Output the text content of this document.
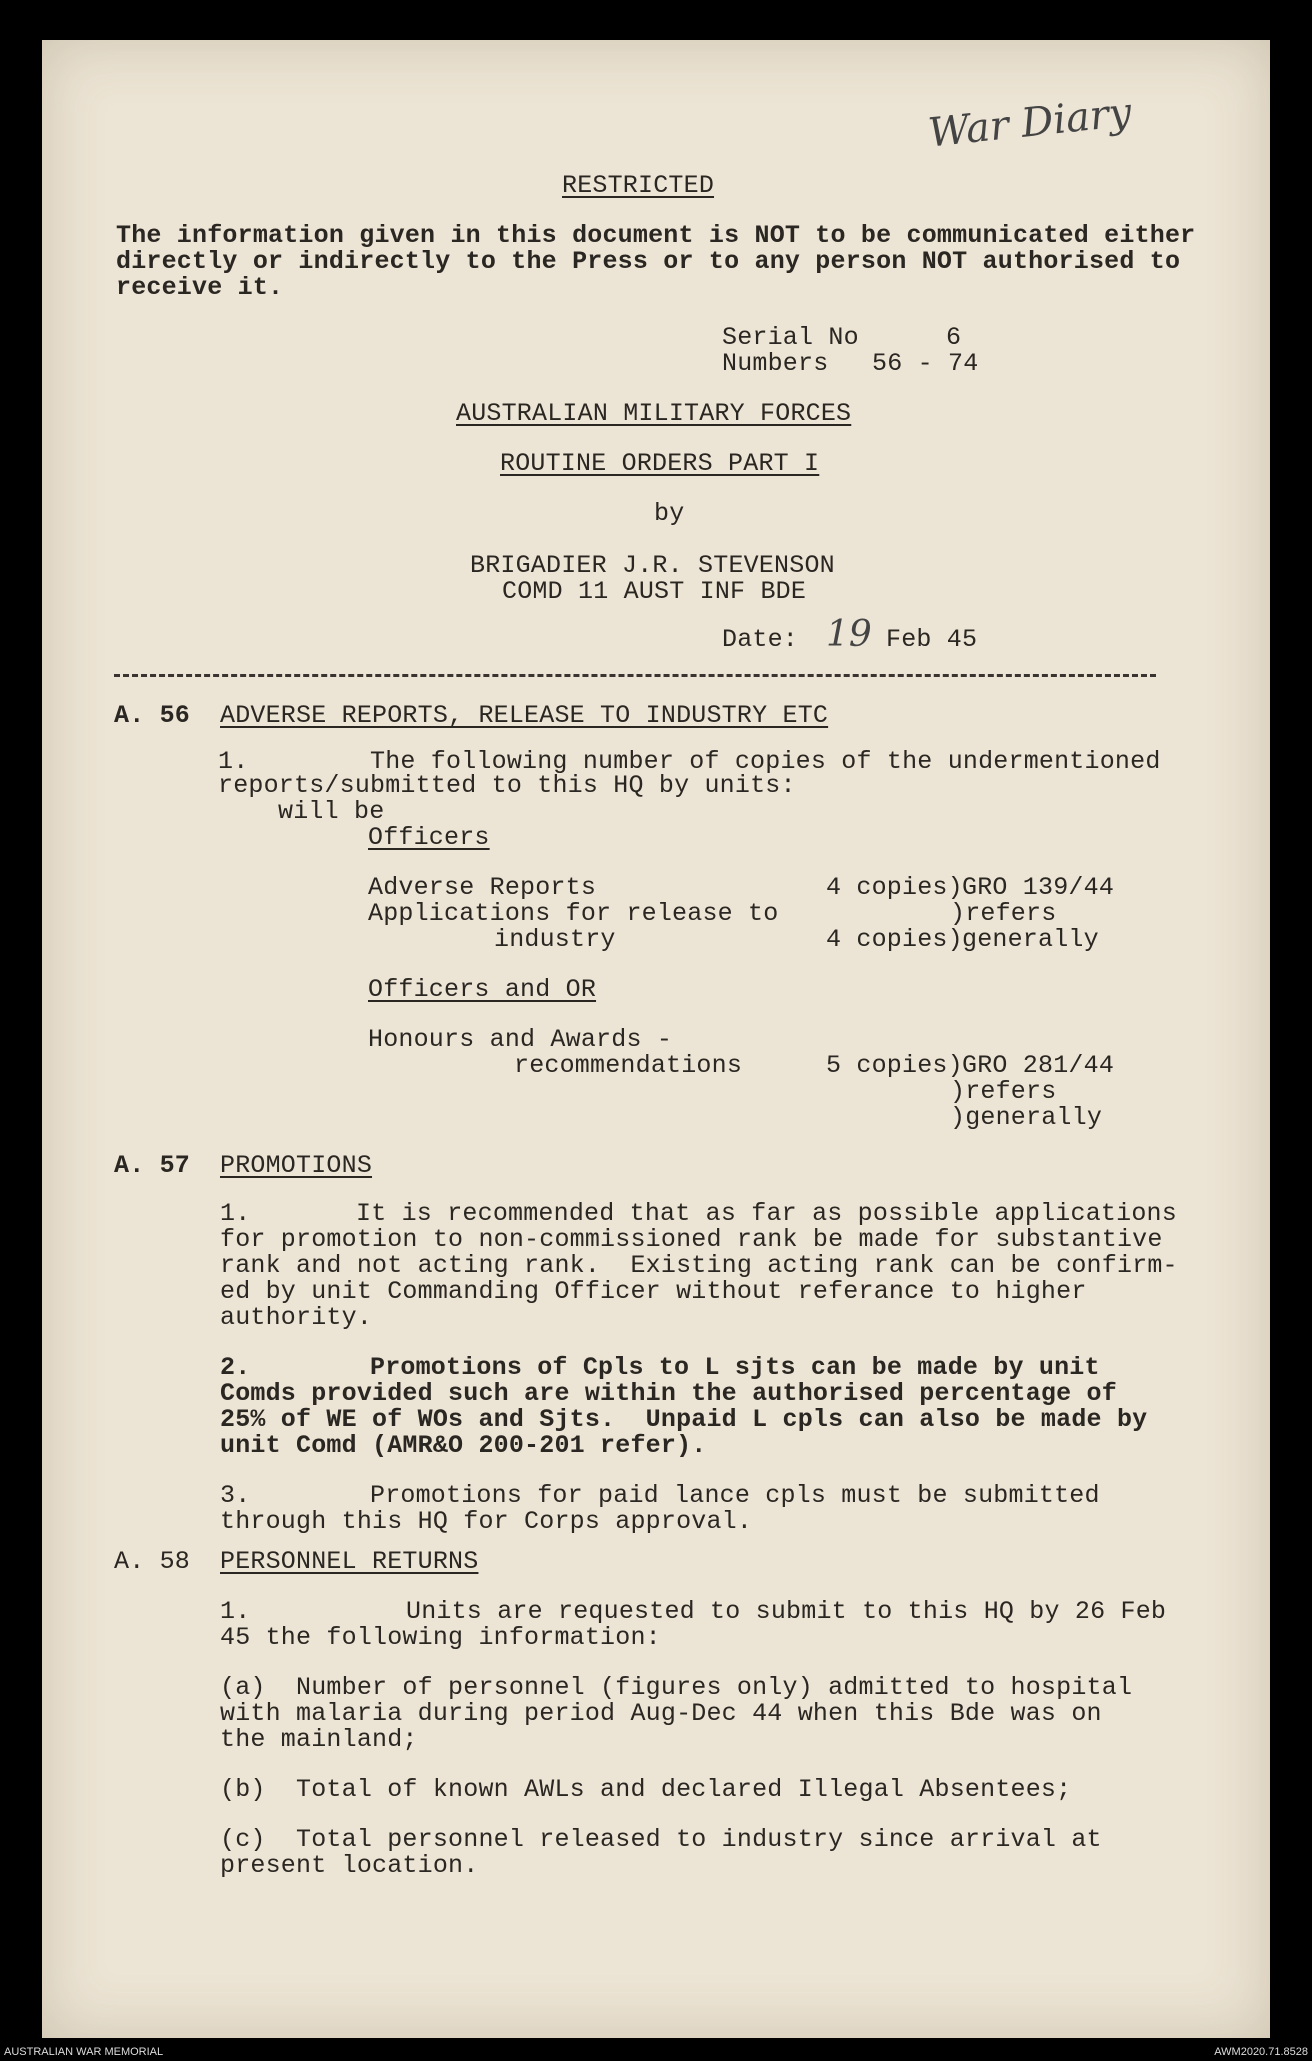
War Diary
RESTRICTED
The information given in this document is NOT to be communicated either
directly or indirectly to the Press or to any person NOT authorised to
receive it.
Serial No	6
Numbers 56 - 74
AUSTRALIAN MILITARY FORCES
ROUTINE ORDERS PART I
by
BRIGADIER J.R. STEVENSON
COMD 11 AUST INF BDE
Date: 19 Feb 45
A. 56 ADVERSE REPORTS, RELEASE TO INDUSTRY ETC
1.	The following number of copies of the undermentioned
reports/submitted to this HQ by units:
will be
Officers
Adverse Reports	4 copies) GRO 139/44
Applications for release to	)refers
industry	4 copies) generally
Officers and OR
Honours and Awards -
recommendations	5 copies) GRO 281/44
)refers
)generally
A. 57 PROMOTIONS
1.	It is recommended that as far as possible applications
for promotion to non-commissioned rank be made for substantive
rank and not acting rank.  Existing acting rank can be confirm-
ed by unit Commanding Officer without referance to higher
authority.
2.	Promotions of Cpls to L sjts can be made by unit
Comds provided such are within the authorised percentage of
25% of WE of WOs and Sjts.  Unpaid L cpls can also be made by
unit Comd (AMR&O 200-201 refer).
3.	Promotions for paid lance cpls must be submitted
through this HQ for Corps approval.
A. 58 PERSONNEL RETURNS
1.	Units are requested to submit to this HQ by 26 Feb
45 the following information:
(a)  Number of personnel (figures only) admitted to hospital
with malaria during period Aug-Dec 44 when this Bde was on
the mainland;
(b)  Total of known AWLs and declared Illegal Absentees;
(c)  Total personnel released to industry since arrival at
present location.
AUSTRALIAN WAR MEMORIAL	AWM2020.71.8528
